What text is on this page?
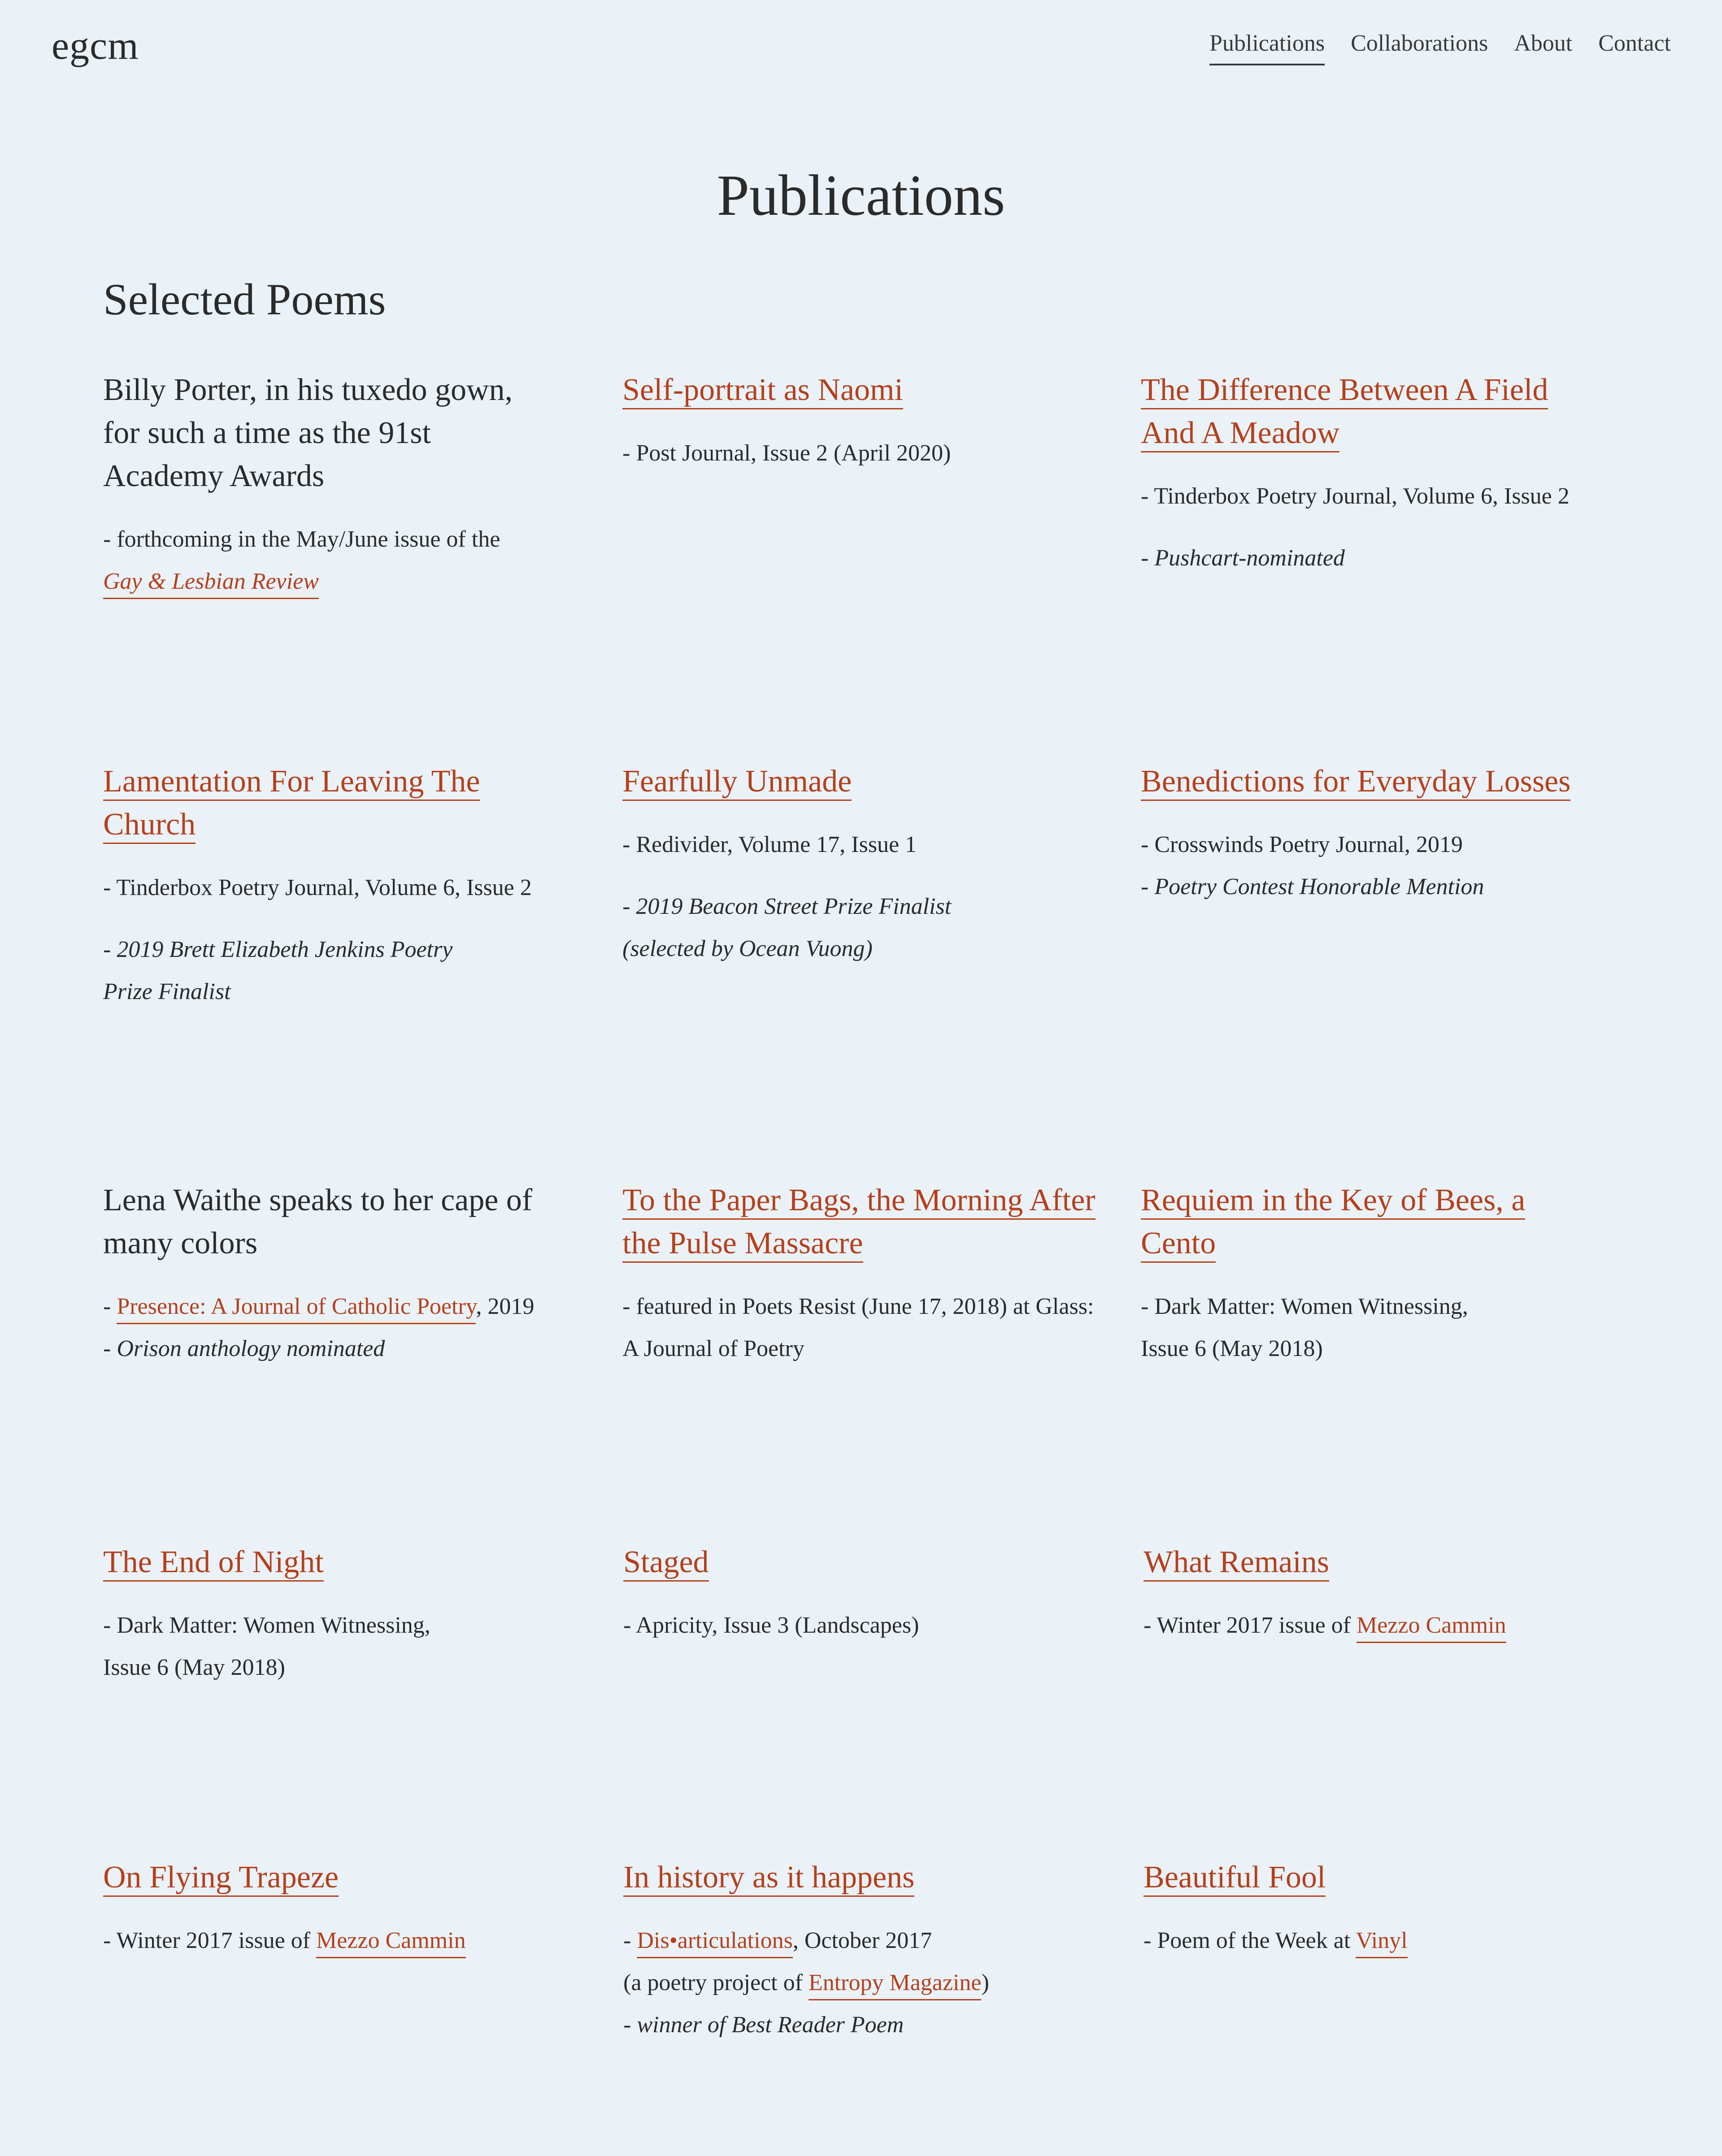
egcm	Publications Collaborations About Contact
Publications
Selected Poems
Billy Porter, in his tuxedo gown, for such a time as the 91st Academy Awards
- forthcoming in the May/June issue of the
Gay & Lesbian Review
Self-portrait as Naomi
- Post Journal, Issue 2 (April 2020)
The Difference Between A Field And A Meadow
- Tinderbox Poetry Journal, Volume 6, Issue 2
- Pushcart-nominated
Lamentation For Leaving The Church
- Tinderbox Poetry Journal, Volume 6, Issue 2
- 2019 Brett Elizabeth Jenkins Poetry Prize Finalist
Fearfully Unmade
- Redivider, Volume 17, Issue 1
- 2019 Beacon Street Prize Finalist (selected by Ocean Vuong)
Benedictions for Everyday Losses
- Crosswinds Poetry Journal, 2019
- Poetry Contest Honorable Mention
Lena Waithe speaks to her cape of many colors
- Presence: A Journal of Catholic Poetry, 2019
- Orison anthology nominated
To the Paper Bags, the Morning After the Pulse Massacre
- featured in Poets Resist (June 17, 2018) at Glass: A Journal of Poetry
Requiem in the Key of Bees, a Cento
- Dark Matter: Women Witnessing, Issue 6 (May 2018)
The End of Night
- Dark Matter: Women Witnessing, Issue 6 (May 2018)
Staged
- Apricity, Issue 3 (Landscapes)
What Remains
- Winter 2017 issue of Mezzo Cammin
On Flying Trapeze
- Winter 2017 issue of Mezzo Cammin
In history as it happens
- Dis•articulations, October 2017
(a poetry project of Entropy Magazine)
- winner of Best Reader Poem
Beautiful Fool
- Poem of the Week at Vinyl
